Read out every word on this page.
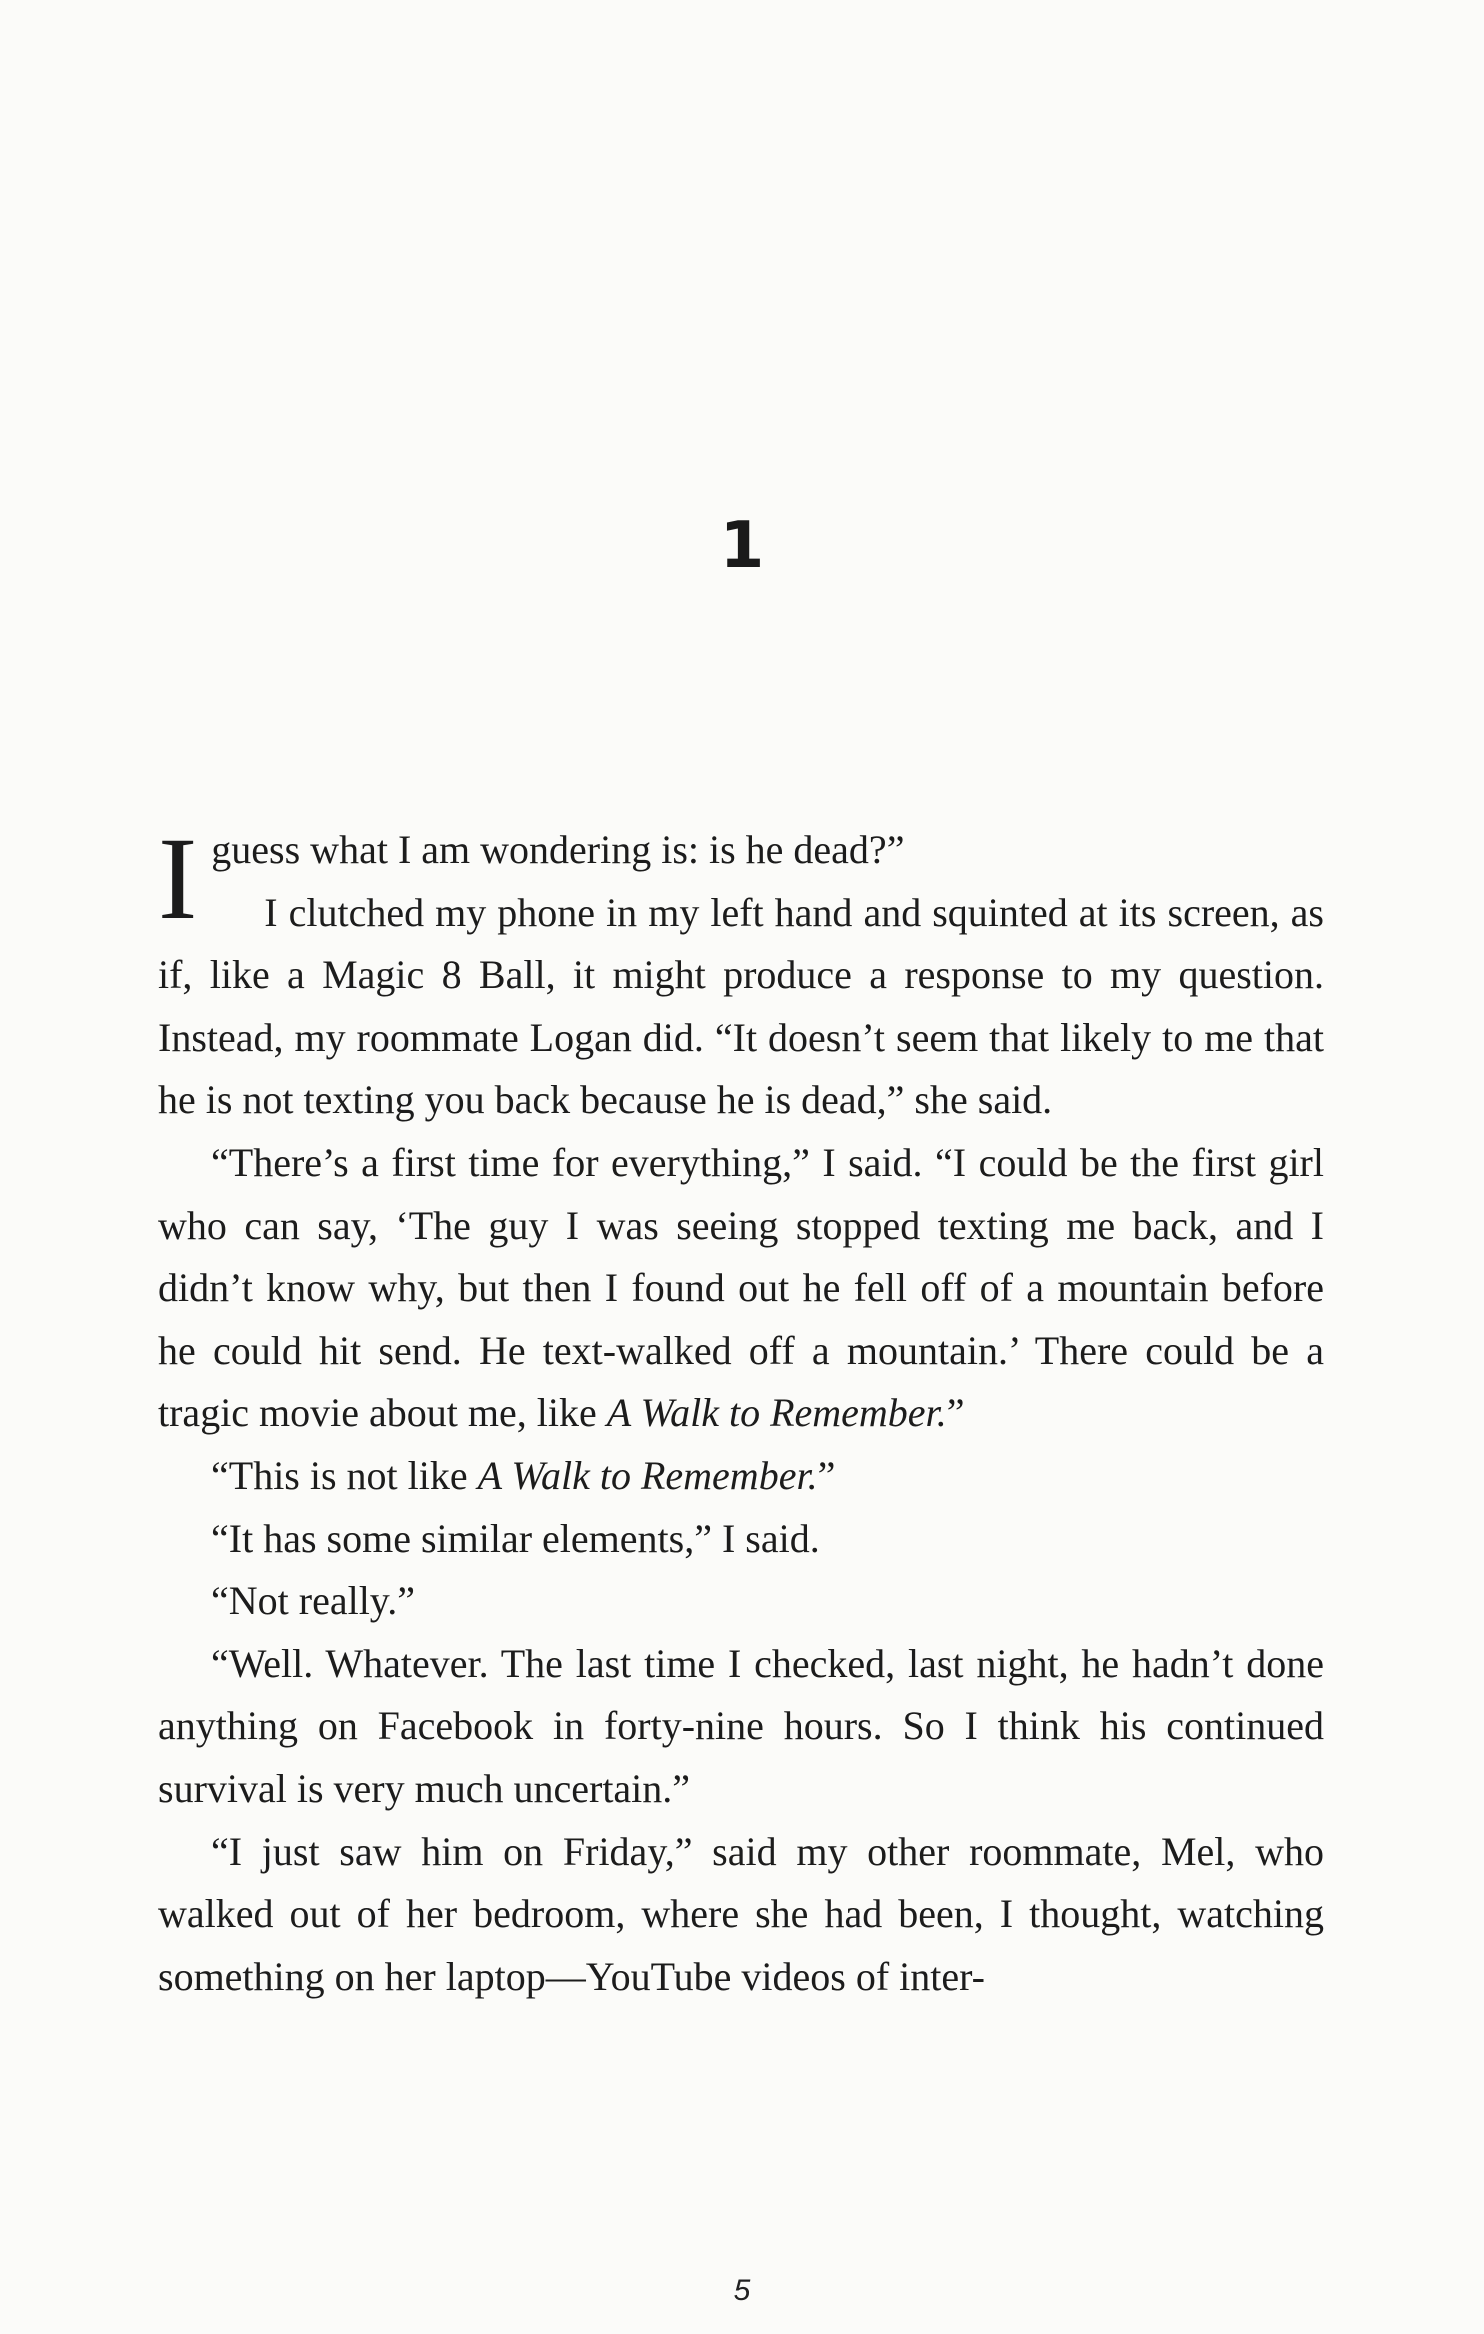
1

I guess what I am wondering is: is he dead?”

I clutched my phone in my left hand and squinted at its screen, as if, like a Magic 8 Ball, it might produce a response to my question. Instead, my roommate Logan did. “It doesn’t seem that likely to me that he is not texting you back because he is dead,” she said.

“There’s a first time for everything,” I said. “I could be the first girl who can say, ‘The guy I was seeing stopped texting me back, and I didn’t know why, but then I found out he fell off of a mountain before he could hit send. He text-walked off a mountain.’ There could be a tragic movie about me, like A Walk to Remember.”

“This is not like A Walk to Remember.”

“It has some similar elements,” I said.

“Not really.”

“Well. Whatever. The last time I checked, last night, he hadn’t done anything on Facebook in forty-nine hours. So I think his continued survival is very much uncertain.”

“I just saw him on Friday,” said my other roommate, Mel, who walked out of her bedroom, where she had been, I thought, watching something on her laptop—YouTube videos of inter-

5
